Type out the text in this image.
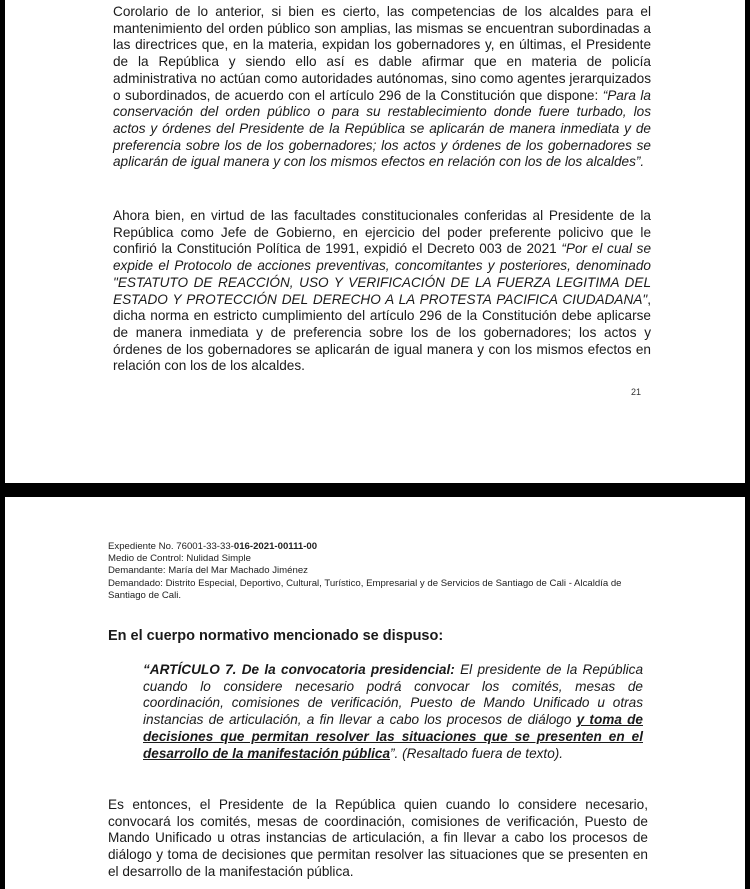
Corolario de lo anterior, si bien es cierto, las competencias de los alcaldes para el mantenimiento del orden público son amplias, las mismas se encuentran subordinadas a las directrices que, en la materia, expidan los gobernadores y, en últimas, el Presidente de la República y siendo ello así es dable afirmar que en materia de policía administrativa no actúan como autoridades autónomas, sino como agentes jerarquizados o subordinados, de acuerdo con el artículo 296 de la Constitución que dispone: “Para la conservación del orden público o para su restablecimiento donde fuere turbado, los actos y órdenes del Presidente de la República se aplicarán de manera inmediata y de preferencia sobre los de los gobernadores; los actos y órdenes de los gobernadores se aplicarán de igual manera y con los mismos efectos en relación con los de los alcaldes”.

Ahora bien, en virtud de las facultades constitucionales conferidas al Presidente de la República como Jefe de Gobierno, en ejercicio del poder preferente policivo que le confirió la Constitución Política de 1991, expidió el Decreto 003 de 2021 “Por el cual se expide el Protocolo de acciones preventivas, concomitantes y posteriores, denominado "ESTATUTO DE REACCIÓN, USO Y VERIFICACIÓN DE LA FUERZA LEGITIMA DEL ESTADO Y PROTECCIÓN DEL DERECHO A LA PROTESTA PACIFICA CIUDADANA", dicha norma en estricto cumplimiento del artículo 296 de la Constitución debe aplicarse de manera inmediata y de preferencia sobre los de los gobernadores; los actos y órdenes de los gobernadores se aplicarán de igual manera y con los mismos efectos en relación con los de los alcaldes.

21
Expediente No. 76001-33-33-016-2021-00111-00
Medio de Control: Nulidad Simple
Demandante: María del Mar Machado Jiménez
Demandado: Distrito Especial, Deportivo, Cultural, Turístico, Empresarial y de Servicios de Santiago de Cali - Alcaldía de Santiago de Cali.

En el cuerpo normativo mencionado se dispuso:

“ARTÍCULO 7. De la convocatoria presidencial: El presidente de la República cuando lo considere necesario podrá convocar los comités, mesas de coordinación, comisiones de verificación, Puesto de Mando Unificado u otras instancias de articulación, a fin llevar a cabo los procesos de diálogo y toma de decisiones que permitan resolver las situaciones que se presenten en el desarrollo de la manifestación pública”. (Resaltado fuera de texto).

Es entonces, el Presidente de la República quien cuando lo considere necesario, convocará los comités, mesas de coordinación, comisiones de verificación, Puesto de Mando Unificado u otras instancias de articulación, a fin llevar a cabo los procesos de diálogo y toma de decisiones que permitan resolver las situaciones que se presenten en el desarrollo de la manifestación pública.
